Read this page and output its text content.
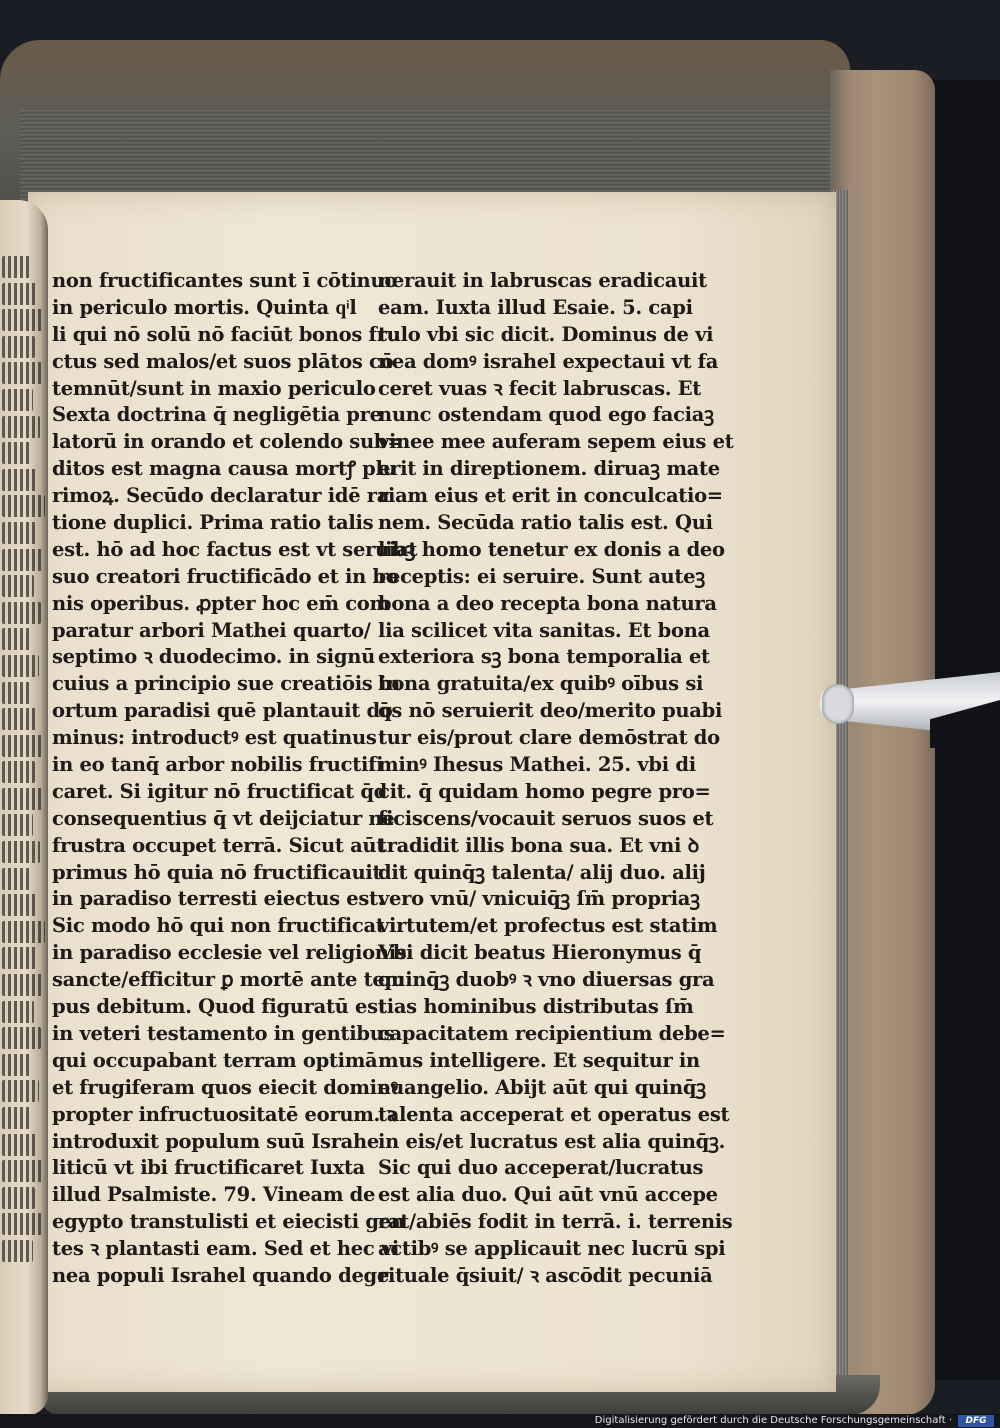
non fructificantes sunt ī cōtinuo
in periculo mortis. Quinta qͥl
li qui nō solū nō faciūt bonos fru
ctus sed malos/et suos plātos cō
temnūt/sunt in maxio periculo
Sexta doctrina q̄ negligētia pre
latorū in orando et colendo sub=
ditos est magna causa mortꝭ plu
rimoꝝ. Secūdo declaratur idē ra
tione duplici. Prima ratio talis
est. hō ad hoc factus est vt seruiat
suo creatori fructificādo et in bo
nis operibus. ꝓpter hoc em̄ com
paratur arbori Mathei quarto/
septimo ꝛ duodecimo. in signū
cuius a principio sue creatiōis in
ortum paradisi quē plantauit do
minus: introductꝰ est quatinus
in eo tanq̄ arbor nobilis fructifi
caret. Si igitur nō fructificat q̄d
consequentius q̄ vt deijciatur ne
frustra occupet terrā. Sicut aūt
primus hō quia nō fructificauit
in paradiso terresti eiectus est.
Sic modo hō qui non fructificat
in paradiso ecclesie vel religionis
sancte/efficitur ꝑ mortē ante tem
pus debitum. Quod figuratū est
in veteri testamento in gentibus
qui occupabant terram optimā
et frugiferam quos eiecit dominꝰ
propter infructuositatē eorum. ꝛ
introduxit populum suū Israhe
liticū vt ibi fructificaret Iuxta
illud Psalmiste. 79. Vineam de
egypto transtulisti et eiecisti gen
tes ꝛ plantasti eam. Sed et hec vi
nea populi Israhel quando dege
nerauit in labruscas eradicauit
eam. Iuxta illud Esaie. 5. capi
tulo vbi sic dicit. Dominus de vi
nea domꝰ israhel expectaui vt fa
ceret vuas ꝛ fecit labruscas. Et
nunc ostendam quod ego faciaꝫ
vinee mee auferam sepem eius et
erit in direptionem. diruaꝫ mate
riam eius et erit in conculcatio=
nem. Secūda ratio talis est. Qui
libꝫ homo tenetur ex donis a deo
receptis: ei seruire. Sunt auteꝫ
bona a deo recepta bona natura
lia scilicet vita sanitas. Et bona
exteriora sꝫ bona temporalia et
bona gratuita/ex quibꝰ oībus si
q̄s nō seruierit deo/merito puabi
tur eis/prout clare demōstrat do
minꝰ Ihesus Mathei. 25. vbi di
cit. q̄ quidam homo pegre pro=
ficiscens/vocauit seruos suos et
tradidit illis bona sua. Et vni ꝺ
dit quinq̄ꝫ talenta/ alij duo. alij
vero vnū/ vnicuiq̄ꝫ ſm̄ propriaꝫ
virtutem/et profectus est statim
Vbi dicit beatus Hieronymus q̄
quinq̄ꝫ duobꝰ ꝛ vno diuersas gra
tias hominibus distributas ſm̄
capacitatem recipientium debe=
mus intelligere. Et sequitur in
euangelio. Abijt aūt qui quinq̄ꝫ
talenta acceperat et operatus est
in eis/et lucratus est alia quinq̄ꝫ.
Sic qui duo acceperat/lucratus
est alia duo. Qui aūt vnū accepe
rat/abiēs fodit in terrā. i. terrenis
actibꝰ se applicauit nec lucrū spi
rituale q̄siuit/ ꝛ ascōdit pecuniā
Digitalisierung gefördert durch die Deutsche Forschungsgemeinschaft ·	DFG
